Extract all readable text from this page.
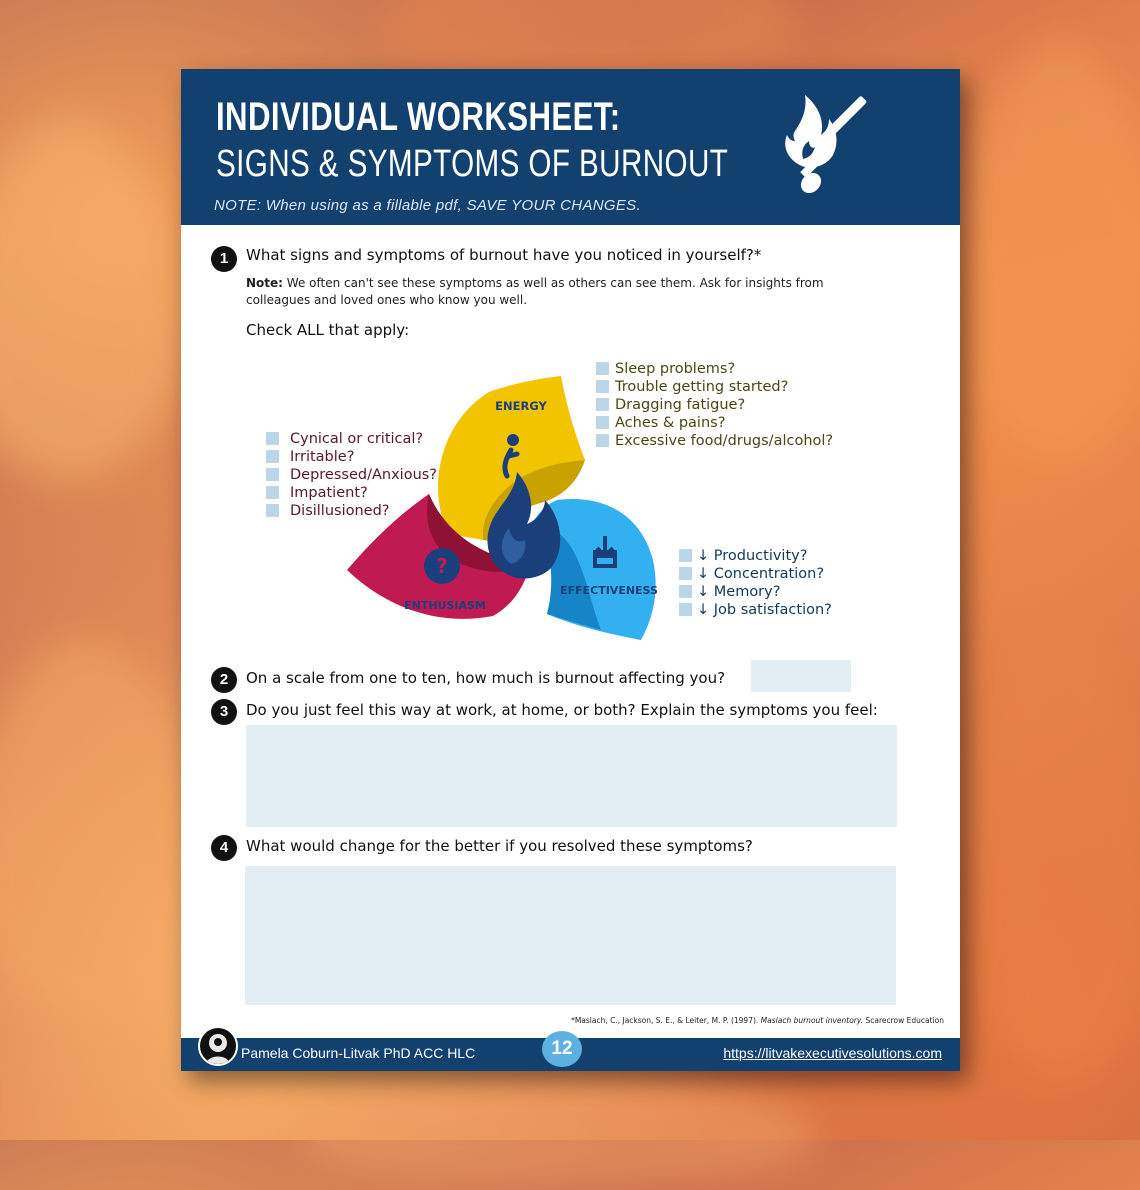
INDIVIDUAL WORKSHEET:
SIGNS & SYMPTOMS OF BURNOUT
NOTE: When using as a fillable pdf, SAVE YOUR CHANGES.
1	What signs and symptoms of burnout have you noticed in yourself?*
Note: We often can't see these symptoms as well as others can see them. Ask for insights from colleagues and loved ones who know you well.
Check ALL that apply:
ENERGY
?
ENTHUSIASM
EFFECTIVENESS
Sleep problems?
Trouble getting started?
Dragging fatigue?
Aches & pains?
Excessive food/drugs/alcohol?
Cynical or critical?
Irritable?
Depressed/Anxious?
Impatient?
Disillusioned?
↓ Productivity?
↓ Concentration?
↓ Memory?
↓ Job satisfaction?
2	On a scale from one to ten, how much is burnout affecting you?
3	Do you just feel this way at work, at home, or both? Explain the symptoms you feel:
4	What would change for the better if you resolved these symptoms?
*Maslach, C., Jackson, S. E., & Leiter, M. P. (1997). Maslach burnout inventory. Scarecrow Education
Pamela Coburn-Litvak PhD ACC HLC	12	https://litvakexecutivesolutions.com
